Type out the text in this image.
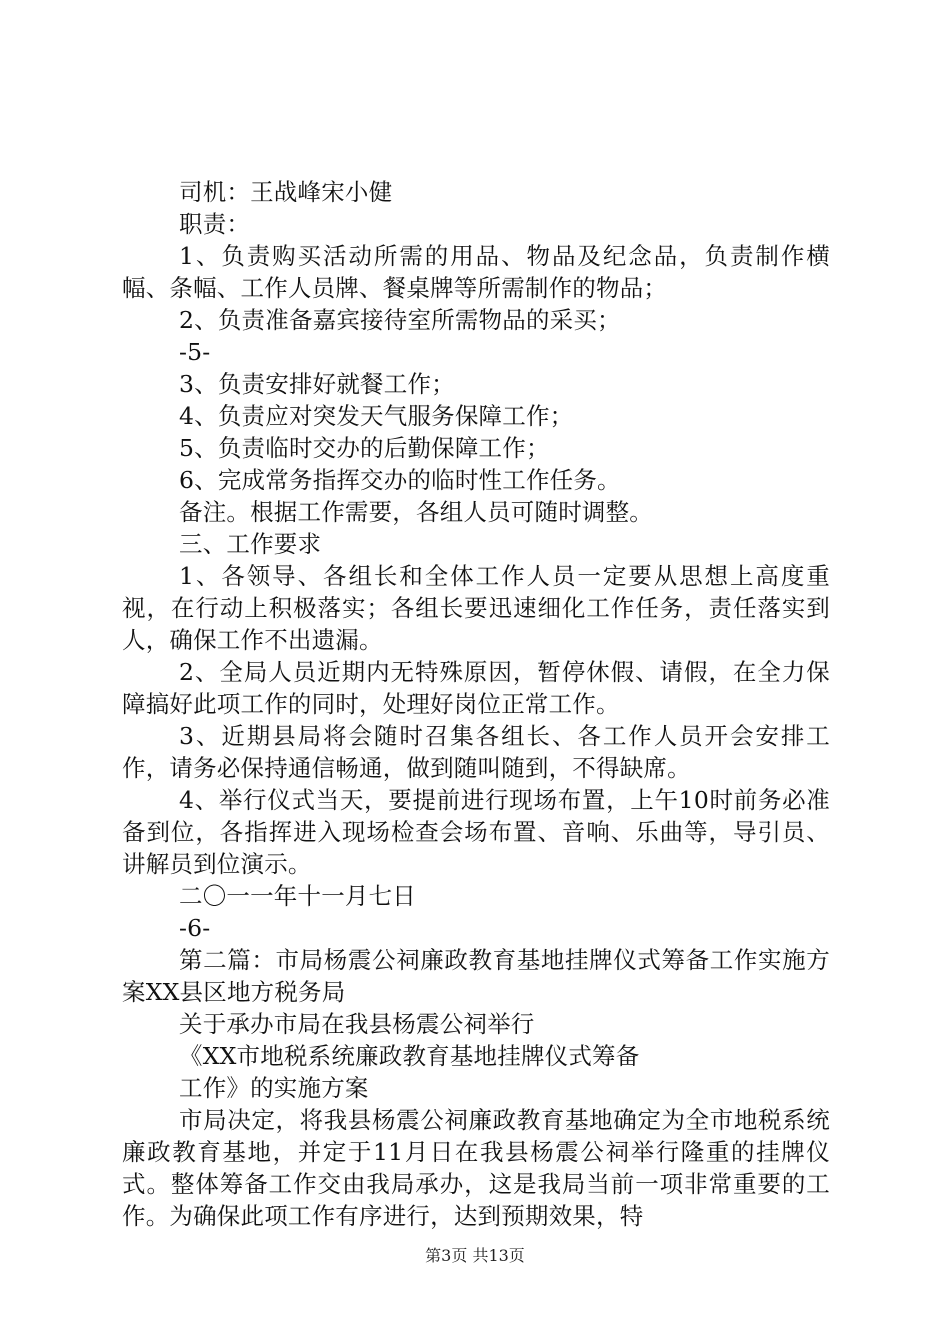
司机：王战峰宋小健

职责：

1、负责购买活动所需的用品、物品及纪念品，负责制作横幅、条幅、工作人员牌、餐桌牌等所需制作的物品；

2、负责准备嘉宾接待室所需物品的采买；

-5-

3、负责安排好就餐工作；

4、负责应对突发天气服务保障工作；

5、负责临时交办的后勤保障工作；

6、完成常务指挥交办的临时性工作任务。

备注。根据工作需要，各组人员可随时调整。

三、工作要求

1、各领导、各组长和全体工作人员一定要从思想上高度重视，在行动上积极落实；各组长要迅速细化工作任务，责任落实到人，确保工作不出遗漏。

2、全局人员近期内无特殊原因，暂停休假、请假，在全力保障搞好此项工作的同时，处理好岗位正常工作。

3、近期县局将会随时召集各组长、各工作人员开会安排工作，请务必保持通信畅通，做到随叫随到，不得缺席。

4、举行仪式当天，要提前进行现场布置，上午10时前务必准备到位，各指挥进入现场检查会场布置、音响、乐曲等，导引员、讲解员到位演示。

二〇一一年十一月七日

-6-

第二篇：市局杨震公祠廉政教育基地挂牌仪式筹备工作实施方案XX县区地方税务局

关于承办市局在我县杨震公祠举行

《XX市地税系统廉政教育基地挂牌仪式筹备

工作》的实施方案

市局决定，将我县杨震公祠廉政教育基地确定为全市地税系统廉政教育基地，并定于11月日在我县杨震公祠举行隆重的挂牌仪式。整体筹备工作交由我局承办，这是我局当前一项非常重要的工作。为确保此项工作有序进行，达到预期效果，特

第3页 共13页
